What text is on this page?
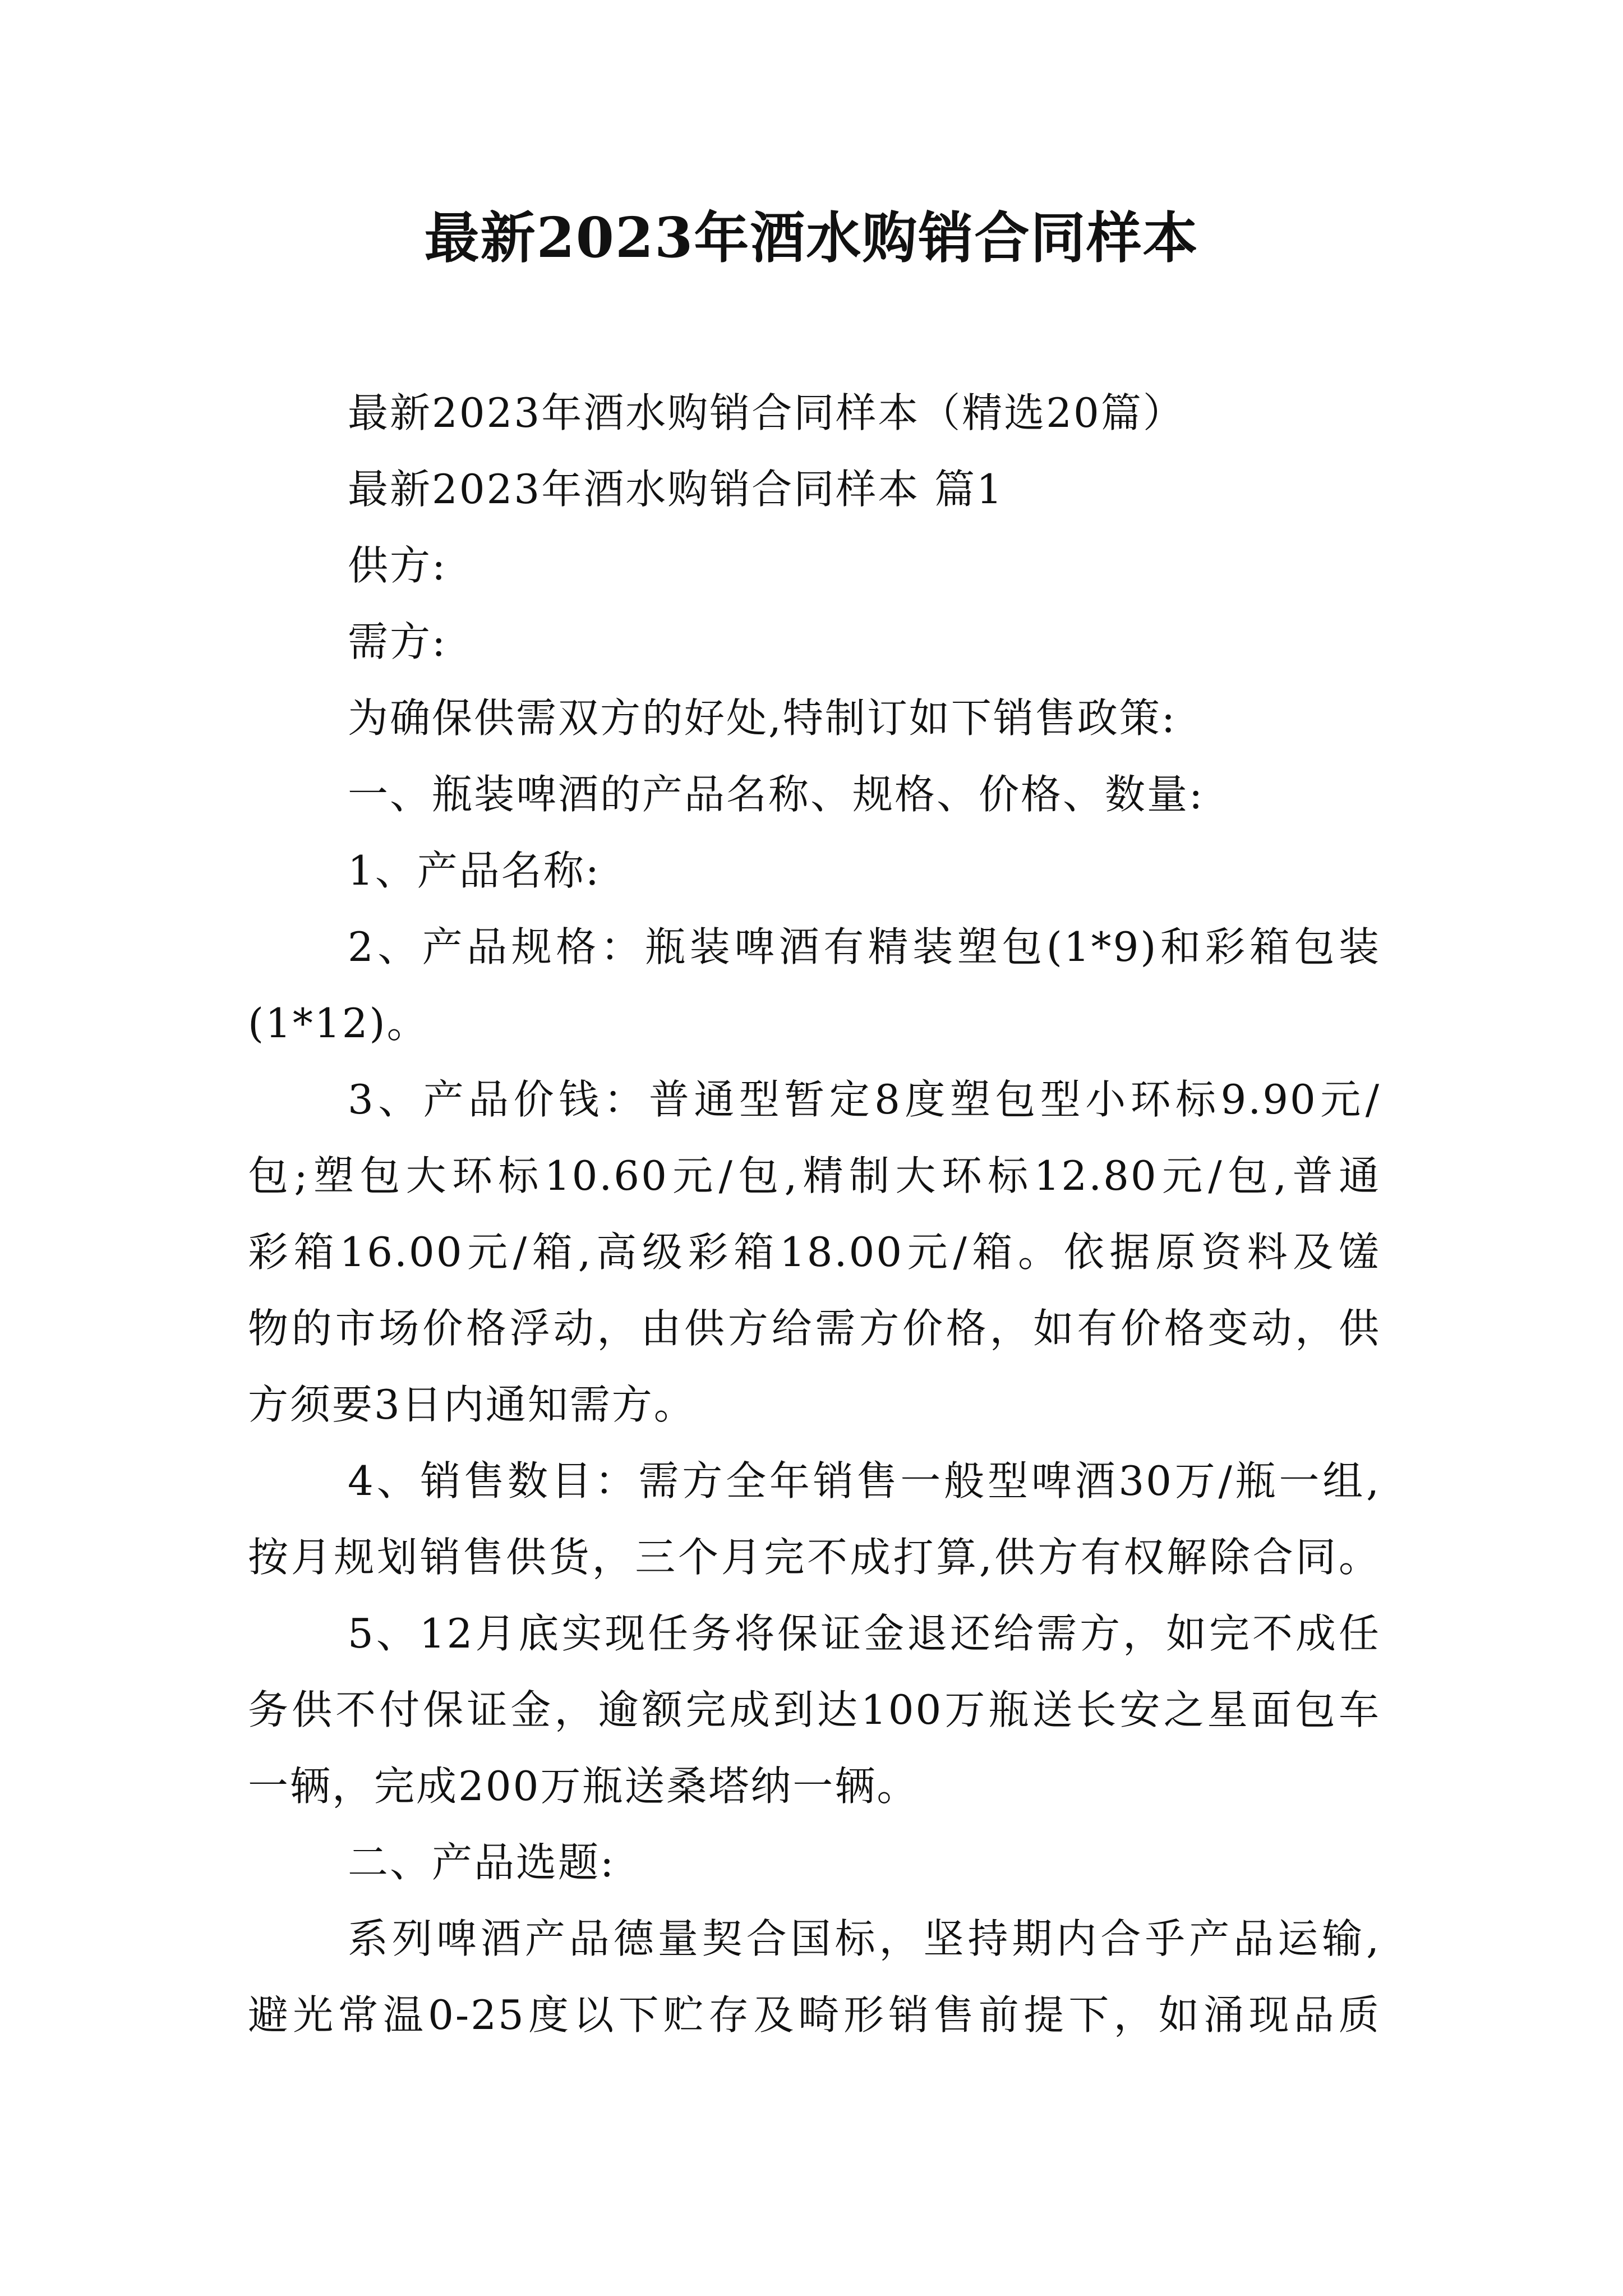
最新2023年酒水购销合同样本

最新2023年酒水购销合同样本（精选20篇）

最新2023年酒水购销合同样本 篇1

供方:

需方:

为确保供需双方的好处,特制订如下销售政策:

一、瓶装啤酒的产品名称、规格、价格、数量:

1、产品名称:

2、产品规格：瓶装啤酒有精装塑包(1*9)和彩箱包装

(1*12)。

3、产品价钱：普通型暂定8度塑包型小环标9.90元/

包;塑包大环标10.60元/包,精制大环标12.80元/包,普通

彩箱16.00元/箱,高级彩箱18.00元/箱。依据原资料及馐

物的市场价格浮动，由供方给需方价格，如有价格变动，供

方须要3日内通知需方。

4、销售数目：需方全年销售一般型啤酒30万/瓶一组,

按月规划销售供货，三个月完不成打算,供方有权解除合同。

5、12月底实现任务将保证金退还给需方，如完不成任

务供不付保证金，逾额完成到达100万瓶送长安之星面包车

一辆，完成200万瓶送桑塔纳一辆。

二、产品选题:

系列啤酒产品德量契合国标，坚持期内合乎产品运输,

避光常温0-25度以下贮存及畸形销售前提下，如涌现品质
